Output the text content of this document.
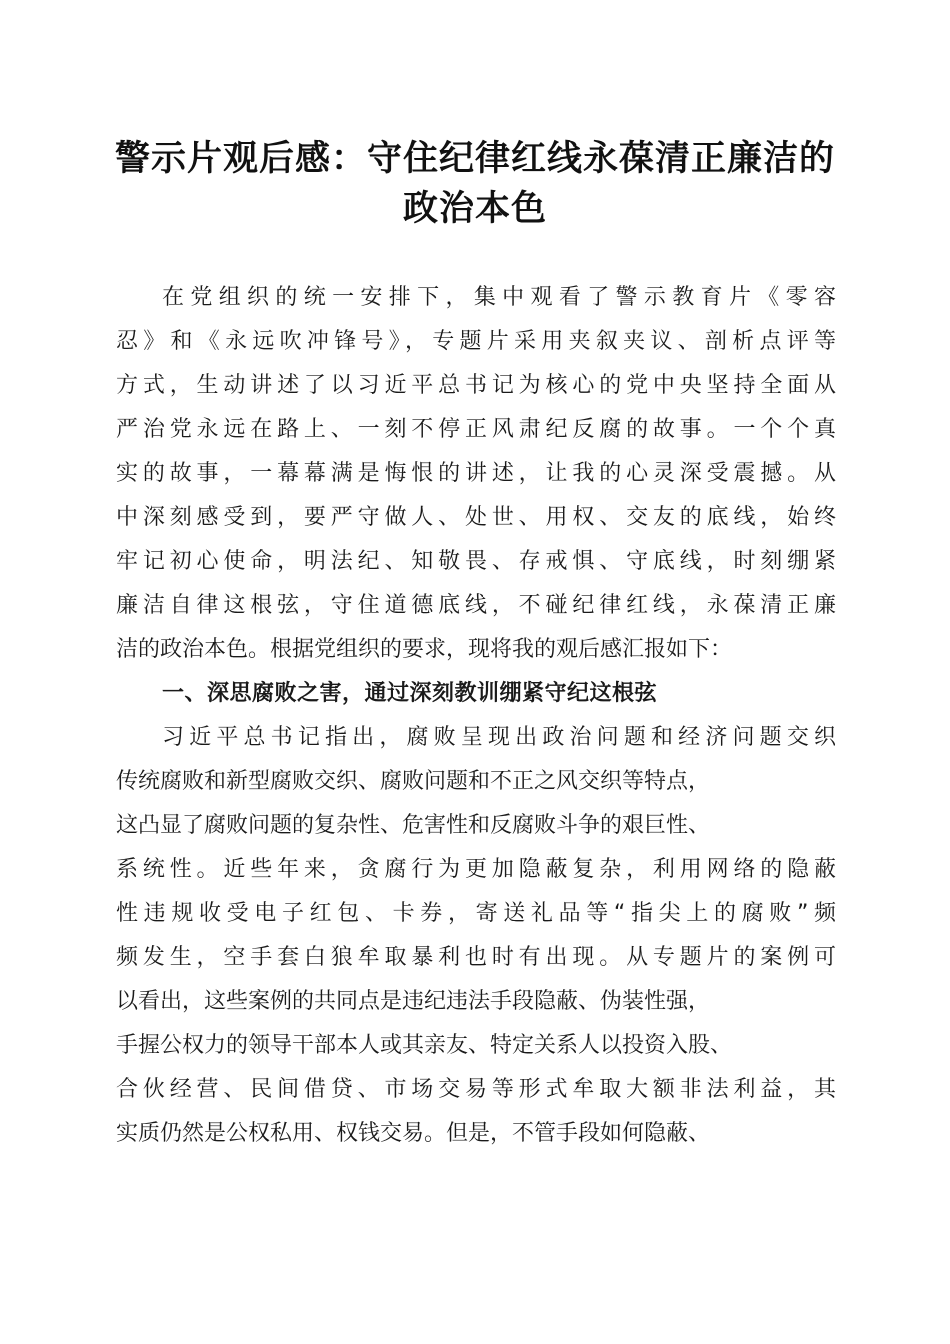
警示片观后感：守住纪律红线永葆清正廉洁的
政治本色
在党组织的统一安排下，集中观看了警示教育片《零容
忍》和《永远吹冲锋号》，专题片采用夹叙夹议、剖析点评等
方式，生动讲述了以习近平总书记为核心的党中央坚持全面从
严治党永远在路上、一刻不停正风肃纪反腐的故事。一个个真
实的故事，一幕幕满是悔恨的讲述，让我的心灵深受震撼。从
中深刻感受到，要严守做人、处世、用权、交友的底线，始终
牢记初心使命，明法纪、知敬畏、存戒惧、守底线，时刻绷紧
廉洁自律这根弦，守住道德底线，不碰纪律红线，永葆清正廉
洁的政治本色。根据党组织的要求，现将我的观后感汇报如下：
一、深思腐败之害，通过深刻教训绷紧守纪这根弦
习近平总书记指出，腐败呈现出政治问题和经济问题交织
传统腐败和新型腐败交织、腐败问题和不正之风交织等特点，
这凸显了腐败问题的复杂性、危害性和反腐败斗争的艰巨性、
系统性。近些年来，贪腐行为更加隐蔽复杂，利用网络的隐蔽
性违规收受电子红包、卡券，寄送礼品等“指尖上的腐败”频
频发生，空手套白狼牟取暴利也时有出现。从专题片的案例可
以看出，这些案例的共同点是违纪违法手段隐蔽、伪装性强，
手握公权力的领导干部本人或其亲友、特定关系人以投资入股、
合伙经营、民间借贷、市场交易等形式牟取大额非法利益，其
实质仍然是公权私用、权钱交易。但是，不管手段如何隐蔽、
